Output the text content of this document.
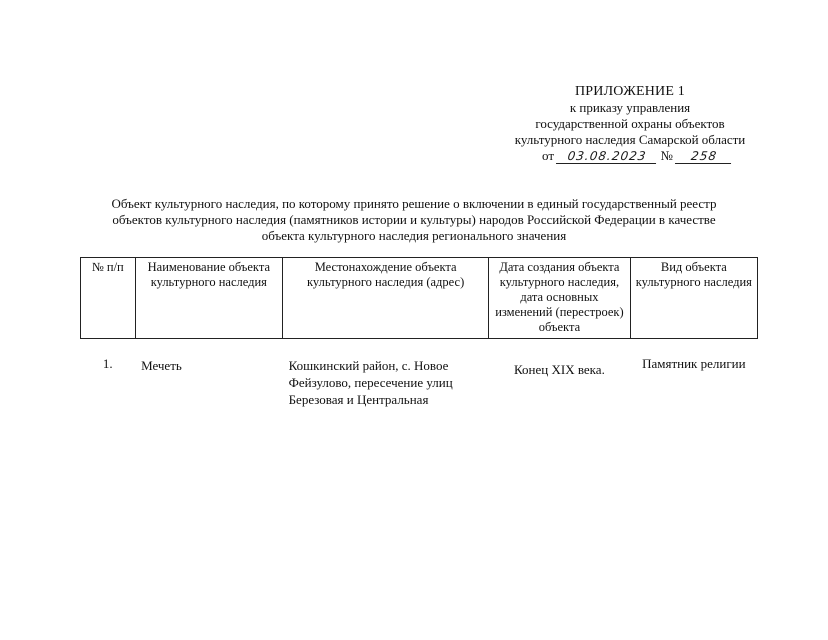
ПРИЛОЖЕНИЕ 1
к приказу управления
государственной охраны объектов
культурного наследия Самарской области
от 03.08.2023 № 258
Объект культурного наследия, по которому принято решение о включении в единый государственный реестр
объектов культурного наследия (памятников истории и культуры) народов Российской Федерации в качестве
объекта культурного наследия регионального значения
№ п/п	Наименование объекта культурного наследия	Местонахождение объекта культурного наследия (адрес)	Дата создания объекта культурного наследия, дата основных изменений (перестроек) объекта	Вид объекта культурного наследия

1.	Мечеть	Кошкинский район, с. Новое Фейзулово, пересечение улиц Березовая и Центральная	Конец XIX века.	Памятник религии
